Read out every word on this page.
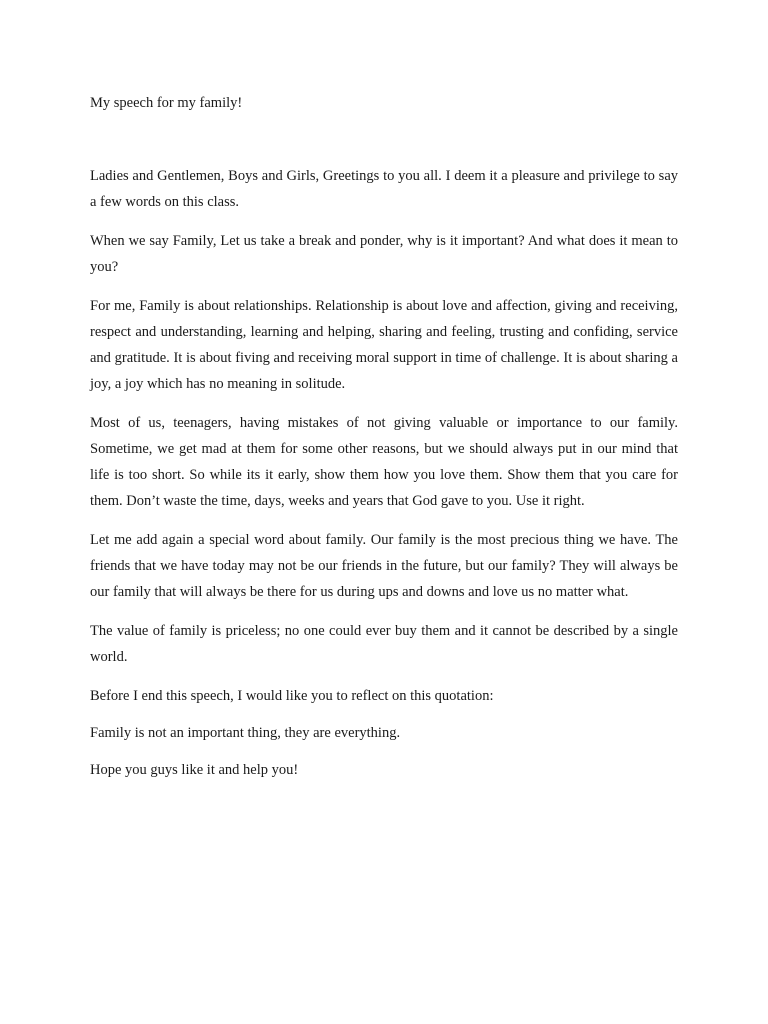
My speech for my family!

Ladies and Gentlemen, Boys and Girls, Greetings to you all. I deem it a pleasure and privilege to say a few words on this class.

When we say Family, Let us take a break and ponder, why is it important? And what does it mean to you?

For me, Family is about relationships. Relationship is about love and affection, giving and receiving, respect and understanding, learning and helping, sharing and feeling, trusting and confiding, service and gratitude. It is about fiving and receiving moral support in time of challenge. It is about sharing a joy, a joy which has no meaning in solitude.

Most of us, teenagers, having mistakes of not giving valuable or importance to our family. Sometime, we get mad at them for some other reasons, but we should always put in our mind that life is too short. So while its it early, show them how you love them. Show them that you care for them. Don’t waste the time, days, weeks and years that God gave to you. Use it right.

Let me add again a special word about family. Our family is the most precious thing we have. The friends that we have today may not be our friends in the future, but our family? They will always be our family that will always be there for us during ups and downs and love us no matter what.

The value of family is priceless; no one could ever buy them and it cannot be described by a single world.

Before I end this speech, I would like you to reflect on this quotation:

Family is not an important thing, they are everything.

Hope you guys like it and help you!
